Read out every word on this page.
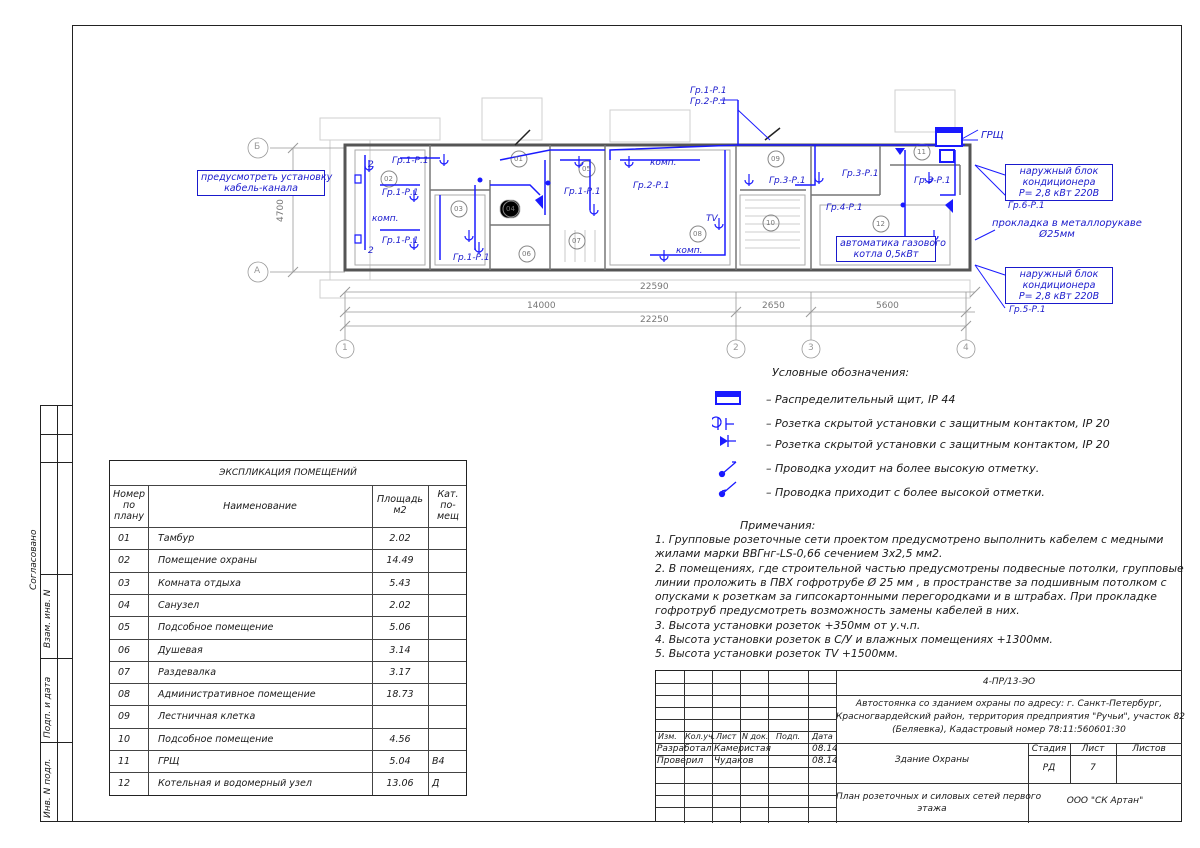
Согласовано
Взам. инв. N
Подп. и дата
Инв. N подл.
Б
А
1	2	3	4
22590
14000	2650	5600
22250
4700
01
02
03	04
05
06
07
08
09
10
11
12
Гр.1-Р.1
Гр.2-Р.1
Гр.1-Р.1
Гр.1-Р.1
Гр.1-Р.1
Гр.1-Р.1
Гр.1-Р.1
Гр.2-Р.1	Гр.3-Р.1
Гр.3-Р.1
Гр.3-Р.1
Гр.4-Р.1	Гр.6-Р.1
Гр.5-Р.1
ГРЩ
комп.
комп.
комп.
TV
2
2
предусмотреть установку
кабель-канала
наружный блок
кондиционера
P= 2,8 кВт 220В
прокладка в металлорукаве
Ø25мм
наружный блок
кондиционера
P= 2,8 кВт 220В
автоматика газового
котла 0,5кВт
Условные обозначения:
– Распределительный щит, IP 44
– Розетка скрытой установки с защитным контактом, IP 20
– Розетка скрытой установки с защитным контактом, IP 20
– Проводка уходит на более высокую отметку.
– Проводка приходит с более высокой отметки.
Примечания:
1. Групповые розеточные сети проектом предусмотрено выполнить кабелем с медными
жилами марки ВВГнг-LS-0,66 сечением 3х2,5 мм2.
2. В помещениях, где строительной частью предусмотрены подвесные потолки, групповые
линии проложить в ПВХ гофротрубе Ø 25 мм , в пространстве за подшивным потолком с
опусками к розеткам за гипсокартонными перегородками и в штрабах. При прокладке
гофротруб предусмотреть возможность замены кабелей в них.
3. Высота установки розеток +350мм от у.ч.п.
4. Высота установки розеток в С/У и влажных помещениях +1300мм.
5. Высота установки розеток TV +1500мм.
ЭКСПЛИКАЦИЯ ПОМЕЩЕНИЙ
Номер
по
плану
Наименование
Площадь
м2
Кат.
по-
мещ
01	Тамбур	2.02
02	Помещение охраны	14.49
03	Комната отдыха	5.43
04	Санузел	2.02
05	Подсобное помещение	5.06
06	Душевая	3.14
07	Раздевалка	3.17
08	Административное помещение	18.73
09	Лестничная клетка
10	Подсобное помещение	4.56
11	ГРЩ	5.04	В4
12	Котельная и водомерный узел	13.06	Д
4-ПР/13-ЭО
Автостоянка со зданием охраны по адресу: г. Санкт-Петербург,
Красногвардейский район, территория предприятия "Ручьи", участок 82
(Беляевка), Кадастровый номер 78:11:560601:30
Изм. Кол.уч. Лист N док. Подп. Дата
Разработал Камеристая	08.14
Проверил Чудаков	08.14	Здание Охраны
Стадия	Лист	Листов
РД	7
План розеточных и силовых сетей первого
этажа
ООО "СК Артан"
